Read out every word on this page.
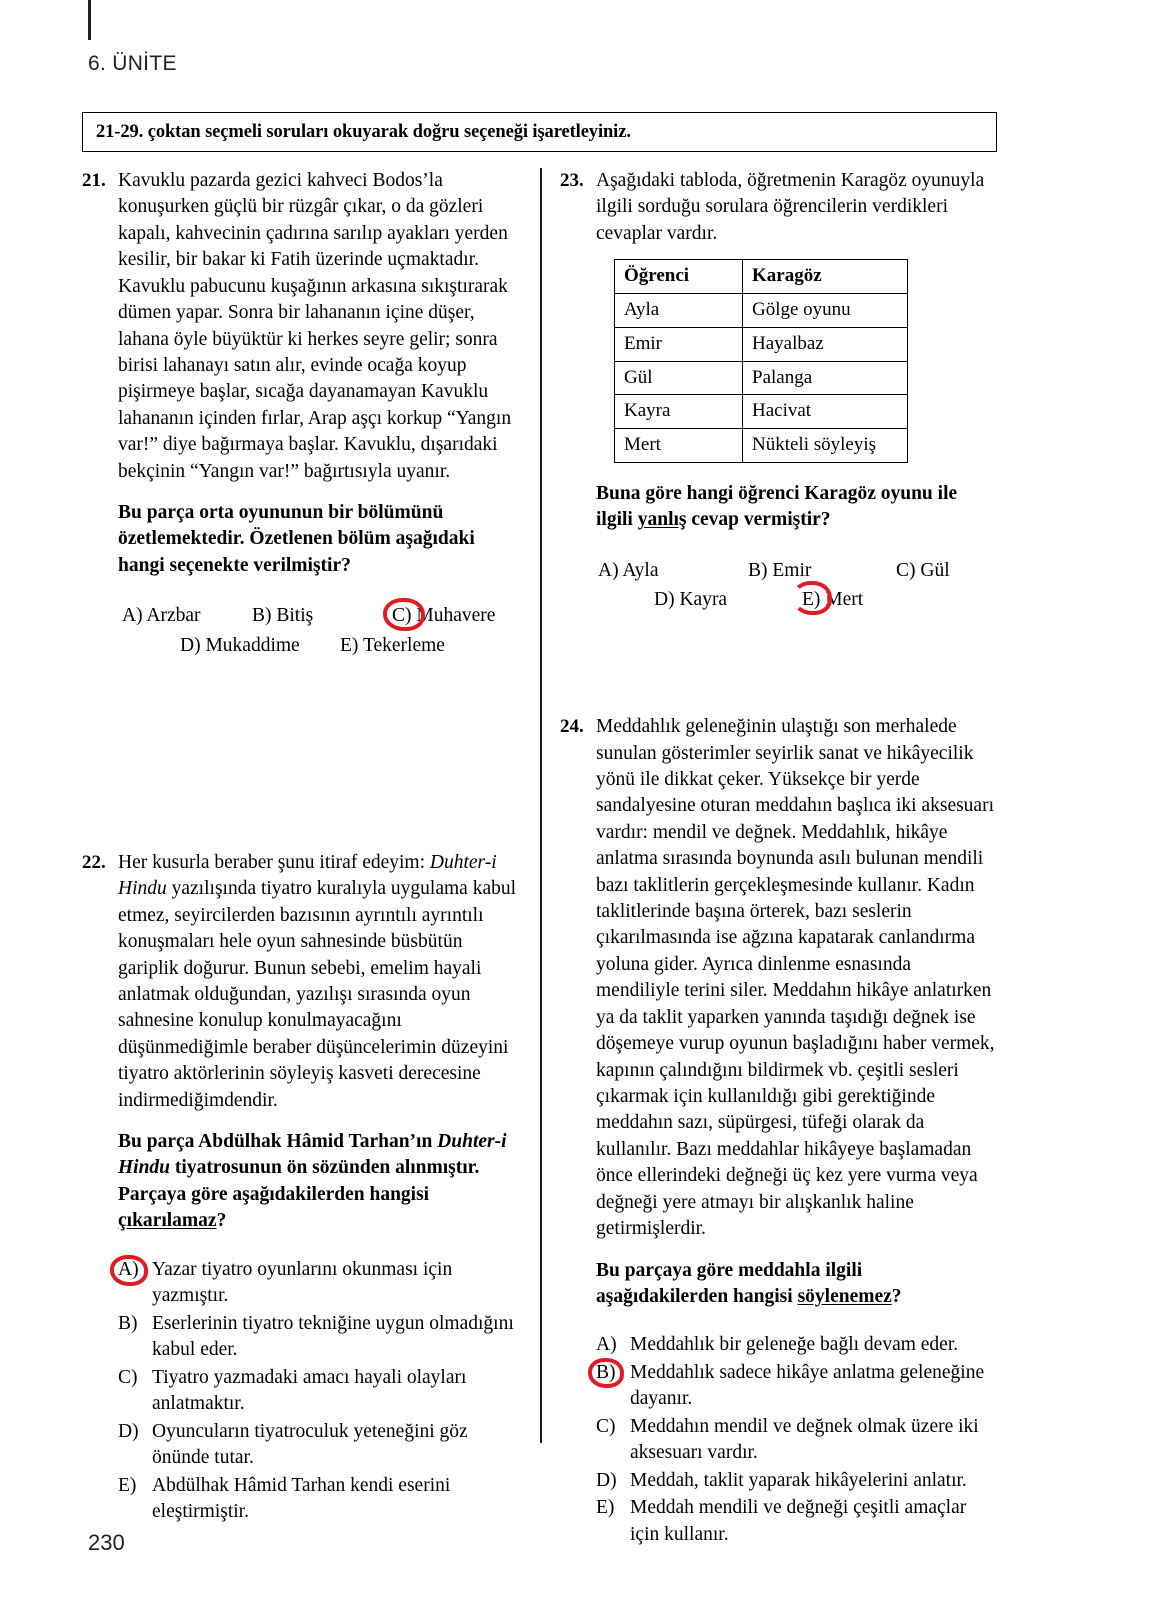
6. ÜNİTE
21-29. çoktan seçmeli soruları okuyarak doğru seçeneği işaretleyiniz.
21. Kavuklu pazarda gezici kahveci Bodos’la konuşurken güçlü bir rüzgâr çıkar, o da gözleri kapalı, kahvecinin çadırına sarılıp ayakları yerden kesilir, bir bakar ki Fatih üzerinde uçmaktadır. Kavuklu pabucunu kuşağının arkasına sıkıştırarak dümen yapar. Sonra bir lahananın içine düşer, lahana öyle büyüktür ki herkes seyre gelir; sonra birisi lahanayı satın alır, evinde ocağa koyup pişirmeye başlar, sıcağa dayanamayan Kavuklu lahananın içinden fırlar, Arap aşçı korkup “Yangın var!” diye bağırmaya başlar. Kavuklu, dışarıdaki bekçinin “Yangın var!” bağırtısıyla uyanır.
Bu parça orta oyununun bir bölümünü özetlemektedir. Özetlenen bölüm aşağıdaki hangi seçenekte verilmiştir?
A) Arzbar	B) Bitiş	C) Muhavere
D) Mukaddime	E) Tekerleme
22. Her kusurla beraber şunu itiraf edeyim: Duhter-i Hindu yazılışında tiyatro kuralıyla uygulama kabul etmez, seyircilerden bazısının ayrıntılı ayrıntılı konuşmaları hele oyun sahnesinde büsbütün gariplik doğurur. Bunun sebebi, emelim hayali anlatmak olduğundan, yazılışı sırasında oyun sahnesine konulup konulmayacağını düşünmediğimle beraber düşüncelerimin düzeyini tiyatro aktörlerinin söyleyiş kasveti derecesine indirmediğimdendir.
Bu parça Abdülhak Hâmid Tarhan’ın Duhter-i Hindu tiyatrosunun ön sözünden alınmıştır. Parçaya göre aşağıdakilerden hangisi çıkarılamaz?
A) Yazar tiyatro oyunlarını okunması için yazmıştır.
B) Eserlerinin tiyatro tekniğine uygun olmadığını kabul eder.
C) Tiyatro yazmadaki amacı hayali olayları anlatmaktır.
D) Oyuncuların tiyatroculuk yeteneğini göz önünde tutar.
E) Abdülhak Hâmid Tarhan kendi eserini eleştirmiştir.
23. Aşağıdaki tabloda, öğretmenin Karagöz oyunuyla ilgili sorduğu sorulara öğrencilerin verdikleri cevaplar vardır.
Öğrenci	Karagöz
Ayla	Gölge oyunu
Emir	Hayalbaz
Gül	Palanga
Kayra	Hacivat
Mert	Nükteli söyleyiş
Buna göre hangi öğrenci Karagöz oyunu ile ilgili yanlış cevap vermiştir?
A) Ayla	B) Emir	C) Gül
D) Kayra	E) Mert
24. Meddahlık geleneğinin ulaştığı son merhalede sunulan gösterimler seyirlik sanat ve hikâyecilik yönü ile dikkat çeker. Yüksekçe bir yerde sandalyesine oturan meddahın başlıca iki aksesuarı vardır: mendil ve değnek. Meddahlık, hikâye anlatma sırasında boynunda asılı bulunan mendili bazı taklitlerin gerçekleşmesinde kullanır. Kadın taklitlerinde başına örterek, bazı seslerin çıkarılmasında ise ağzına kapatarak canlandırma yoluna gider. Ayrıca dinlenme esnasında mendiliyle terini siler. Meddahın hikâye anlatırken ya da taklit yaparken yanında taşıdığı değnek ise döşemeye vurup oyunun başladığını haber vermek, kapının çalındığını bildirmek vb. çeşitli sesleri çıkarmak için kullanıldığı gibi gerektiğinde meddahın sazı, süpürgesi, tüfeği olarak da kullanılır. Bazı meddahlar hikâyeye başlamadan önce ellerindeki değneği üç kez yere vurma veya değneği yere atmayı bir alışkanlık haline getirmişlerdir.
Bu parçaya göre meddahla ilgili aşağıdakilerden hangisi söylenemez?
A) Meddahlık bir geleneğe bağlı devam eder.
B) Meddahlık sadece hikâye anlatma geleneğine dayanır.
C) Meddahın mendil ve değnek olmak üzere iki aksesuarı vardır.
D) Meddah, taklit yaparak hikâyelerini anlatır.
E) Meddah mendili ve değneği çeşitli amaçlar için kullanır.
230
